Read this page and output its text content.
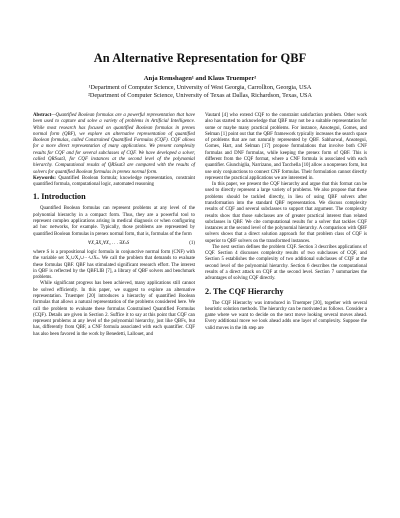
An Alternative Representation for QBF
Anja Remshagen¹ and Klaus Truemper²
¹Department of Computer Science, University of West Georgia, Carrollton, Georgia, USA
²Department of Computer Science, University of Texas at Dallas, Richardson, Texas, USA

Abstract—Quantified Boolean formulas are a powerful representation that have been used to capture and solve a variety of problems in Artificial Intelligence. While most research has focused on quantified Boolean formulas in prenex normal form (QBF), we explore an alternative representation of quantified Boolean formulas, called Constrained Quantified Formulas (CQF). CQF allows for a more direct representation of many applications. We present complexity results for CQF and for several subclasses of CQF. We have developed a solver, called QRSsat3, for CQF instances at the second level of the polynomial hierarchy. Computational results of QRSsat3 are compared with the results of solvers for quantified Boolean formulas in prenex normal form.

Keywords: Quantified Boolean formula; knowledge representation, constraint quantified formula, computational logic, automated reasoning

1. Introduction

Quantified Boolean formulas can represent problems at any level of the polynomial hierarchy in a compact form. Thus, they are a powerful tool to represent complex applications arising in medical diagnosis or when configuring ad hoc networks, for example. Typically, those problems are represented by quantified Boolean formulas in prenex normal form, that is, formulas of the form

∀X₁∃X₂∀X₃ . . . ∃XₙS	(1)

where S is a propositional logic formula in conjunctive normal form (CNF) with the variable set X₁∪X₂∪···∪Xₙ. We call the problem that demands to evaluate these formulas QBF. QBF has stimulated significant research effort. The interest in QBF is reflected by the QBFLIB [7], a library of QBF solvers and benchmark problems.

While significant progress has been achieved, many applications still cannot be solved efficiently. In this paper, we suggest to explore an alternative representation. Truemper [20] introduces a hierarchy of quantified Boolean formulas that allows a natural representation of the problems considered here. We call the problem to evaluate these formulas Constrained Quantified Formulas (CQF). Details are given in Section 2. Suffice it to say at this point that CQF can represent problems at any level of the polynomial hierarchy, just like QBFs, but has, differently from QBF, a CNF formula associated with each quantifier. CQF has also been favored in the work by Benedetti, Lallouet, and

Vautard [4] who extend CQF to the constraint satisfaction problem. Other work also has started to acknowledge that QBF may not be a suitable representation for some or maybe many practical problems. For instance, Ansotegui, Gomes, and Selman [1] point out that the QBF framework typically increases the search space of problems that are not naturally represented by QBF. Sabharwal, Ansotegui, Gomes, Hart, and Selman [17] propose formulations that involve both CNF formulas and DNF formulas, while keeping the prenex form of QBF. This is different from the CQF format, where a CNF formula is associated with each quantifier. Giunchiglia, Narrizano, and Tacchella [10] allow a nonprenex form, but use only conjunctions to connect CNF formulas. Their formulation cannot directly represent the practical applications we are interested in.

In this paper, we present the CQF hierarchy and argue that this format can be used to directly represent a large variety of problems. We also propose that these problems should be tackled directly, in lieu of using QBF solvers after transformation into the standard QBF representation. We discuss complexity results of CQF and several subclasses to support that argument. The complexity results show that those subclasses are of greater practical interest than related subclasses in QBF. We cite computational results for a solver that tackles CQF instances at the second level of the polynomial hierarchy. A comparison with QBF solvers shows that a direct solution approach for that problem class of CQF is superior to QBF solvers on the transformed instances.

The next section defines the problem CQF. Section 3 describes applications of CQF. Section 4 discusses complexity results of two subclasses of CQF, and Section 5 establishes the complexity of two additional subclasses of CQF at the second level of the polynomial hierarchy. Section 6 describes the computational results of a direct attack on CQF at the second level. Section 7 summarizes the advantages of solving CQF directly.

2. The CQF Hierarchy

The CQF Hierarchy was introduced in Truemper [20], together with several heuristic solution methods. The hierarchy can be motivated as follows. Consider a game where we want to decide on the next move looking several moves ahead. Every additional move we look ahead adds one layer of complexity. Suppose the valid moves in the ith step are
